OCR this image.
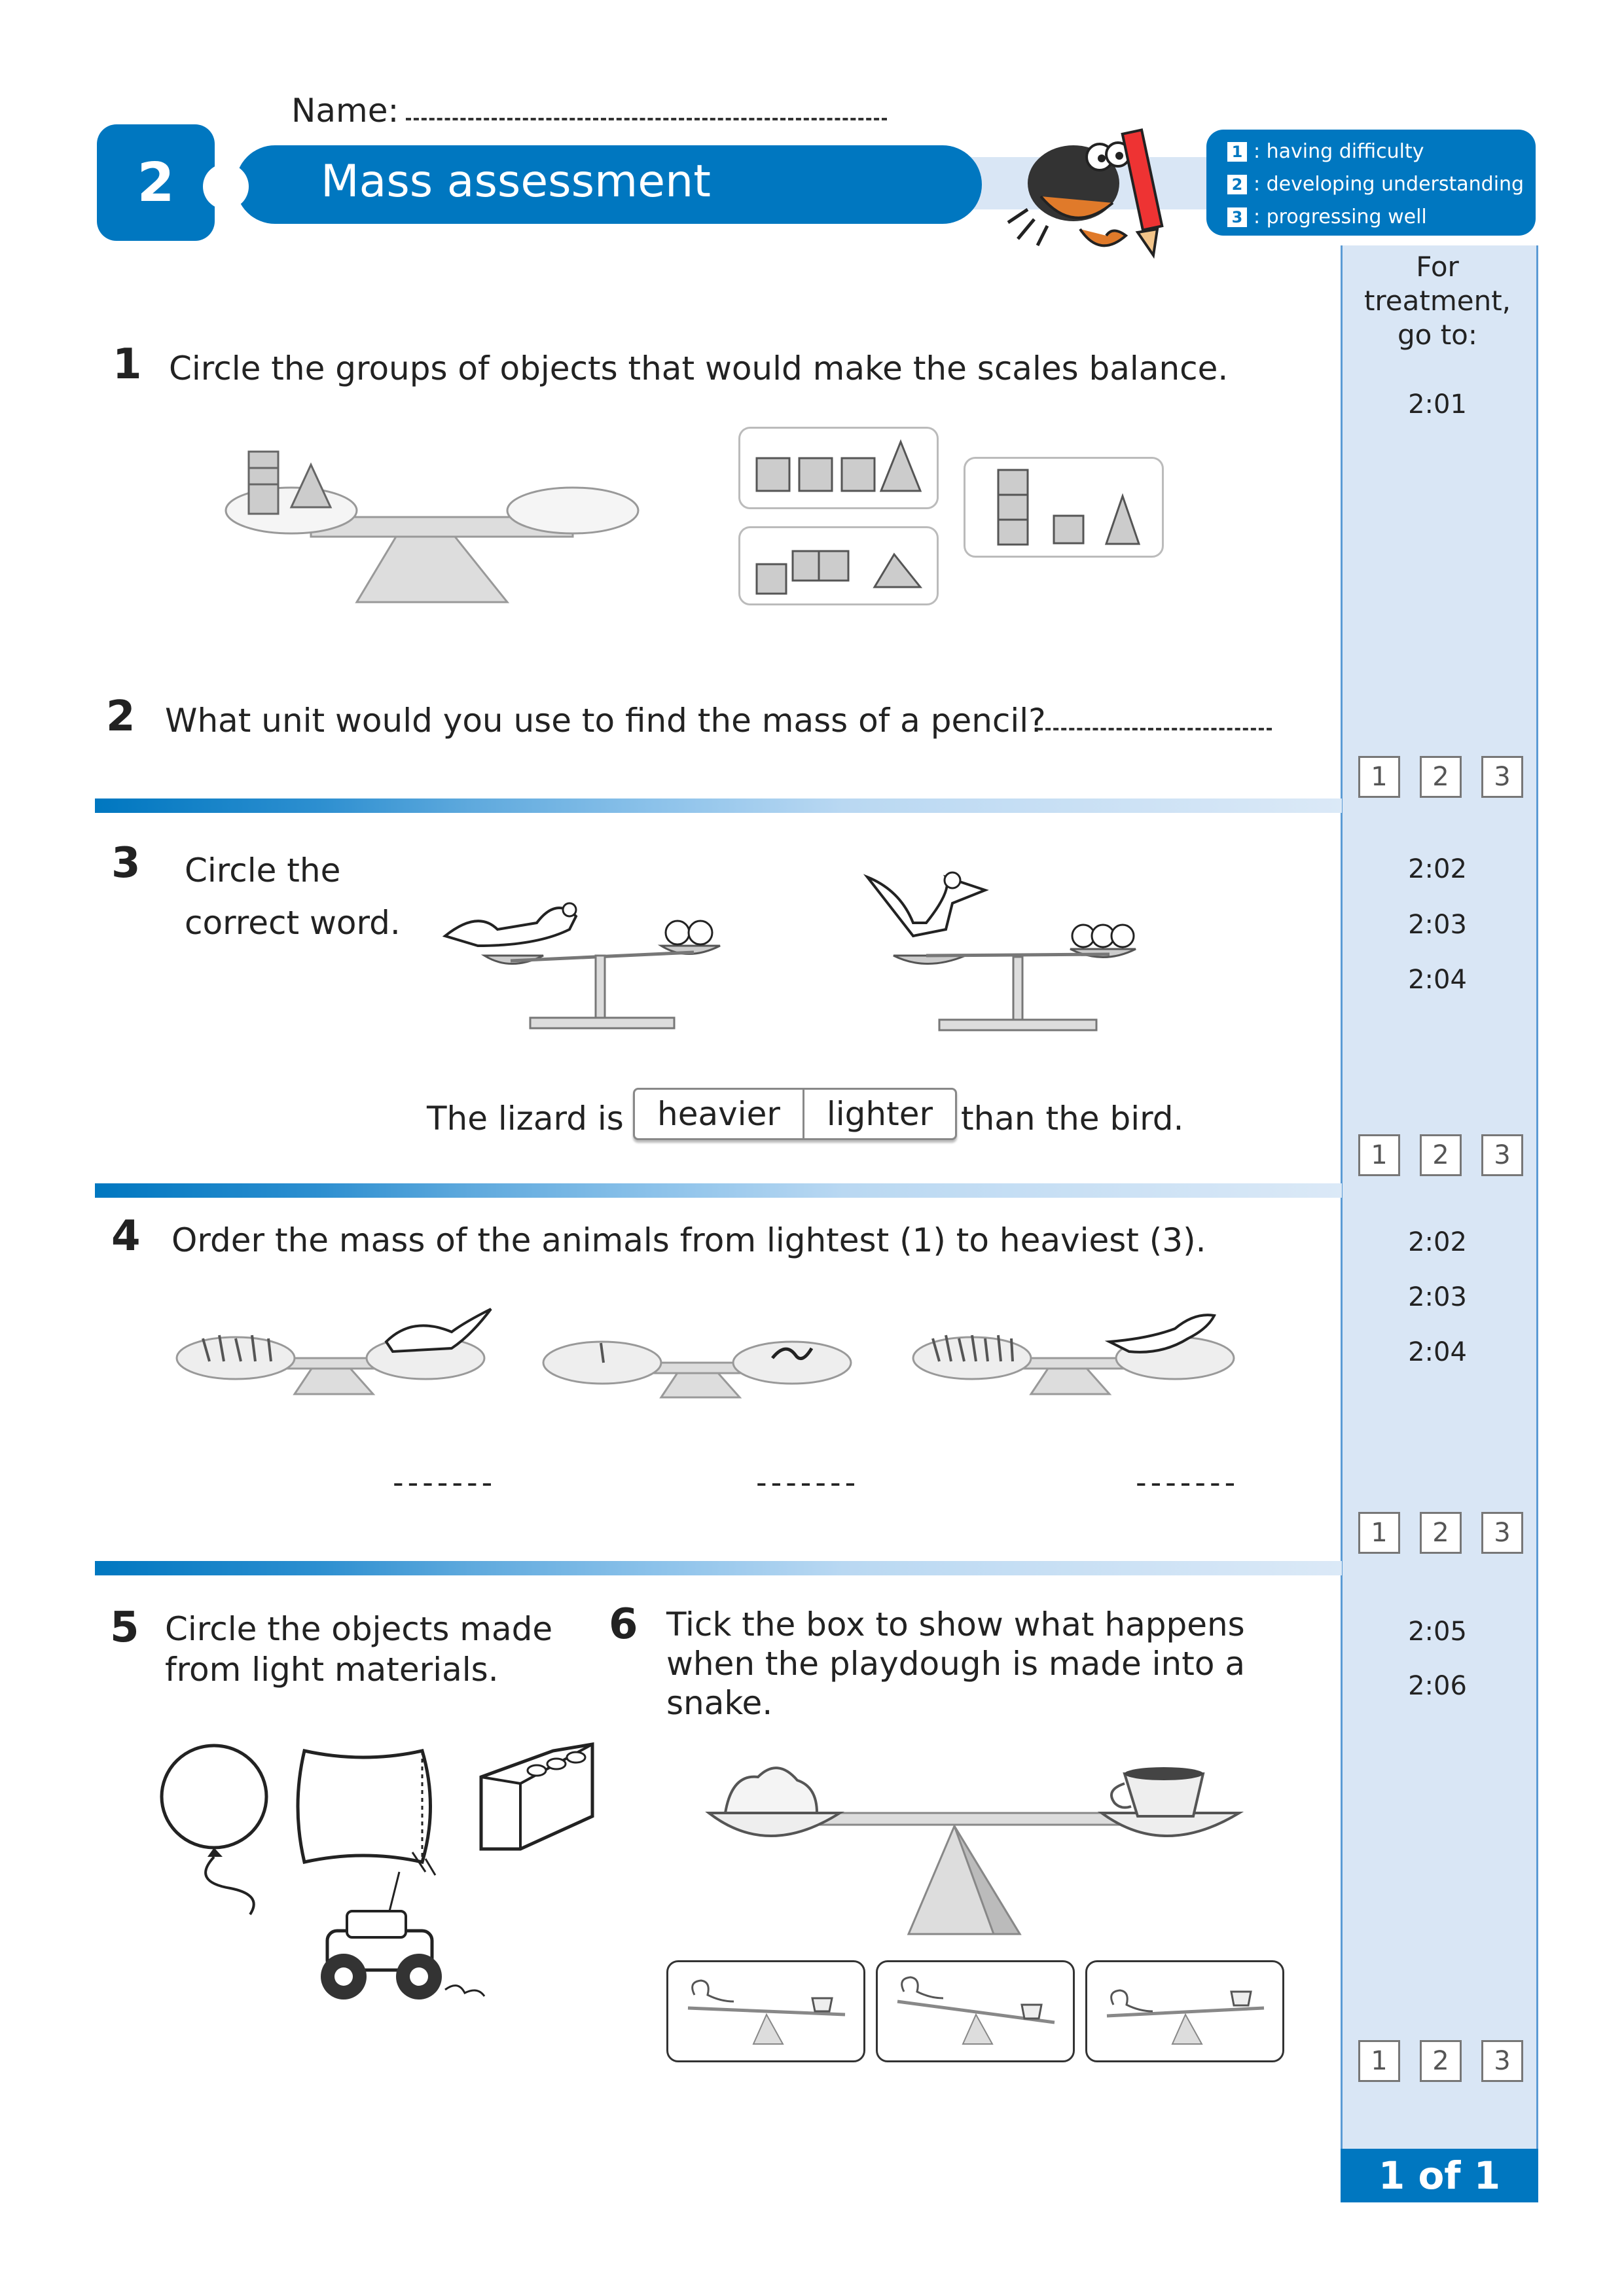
Name:
2	Mass assessment
1 : having difficulty
2 : developing understanding
3 : progressing well
For treatment, go to:
1 Circle the groups of objects that would make the scales balance.
2:01
2 What unit would you use to find the mass of a pencil?
1	2	3
3 Circle the correct word.
2:02
2:03
2:04
The lizard is	heavier	lighter than the bird.
1	2	3
4 Order the mass of the animals from lightest (1) to heaviest (3).	2:02
2:03
2:04
-------	-------	-------
1	2	3
5 Circle the objects made from light materials.
2:05
2:06
6 Tick the box to show what happens when the playdough is made into a snake.
1	2	3
1 of 1
